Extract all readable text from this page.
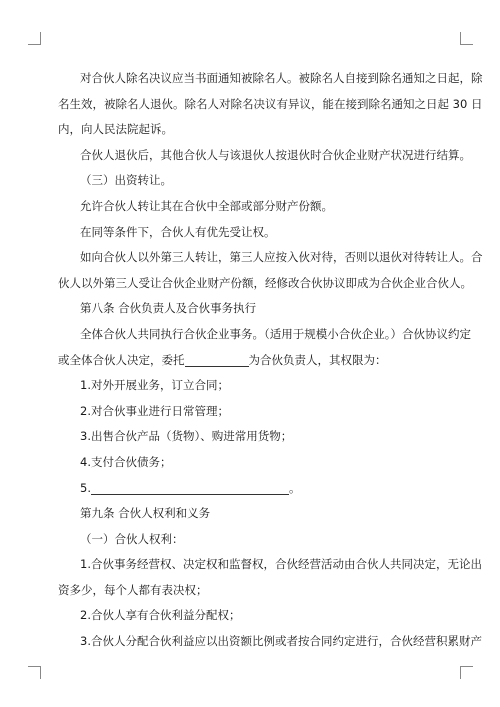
对合伙人除名决议应当书面通知被除名人。被除名人自接到除名通知之日起，除
名生效，被除名人退伙。除名人对除名决议有异议，能在接到除名通知之日起 30 日
内，向人民法院起诉。
合伙人退伙后，其他合伙人与该退伙人按退伙时合伙企业财产状况进行结算。
（三）出资转让。
允许合伙人转让其在合伙中全部或部分财产份额。
在同等条件下，合伙人有优先受让权。
如向合伙人以外第三人转让，第三人应按入伙对待，否则以退伙对待转让人。合
伙人以外第三人受让合伙企业财产份额，经修改合伙协议即成为合伙企业合伙人。
第八条 合伙负责人及合伙事务执行
全体合伙人共同执行合伙企业事务。（适用于规模小合伙企业。）合伙协议约定
或全体合伙人决定，委托	为合伙负责人，其权限为：
1.对外开展业务，订立合同；
2.对合伙事业进行日常管理；
3.出售合伙产品（货物）、购进常用货物；
4.支付合伙债务；
5.	。
第九条 合伙人权利和义务
（一）合伙人权利：
1.合伙事务经营权、决定权和监督权，合伙经营活动由合伙人共同决定，无论出
资多少，每个人都有表决权；
2.合伙人享有合伙利益分配权；
3.合伙人分配合伙利益应以出资额比例或者按合同约定进行，合伙经营积累财产
